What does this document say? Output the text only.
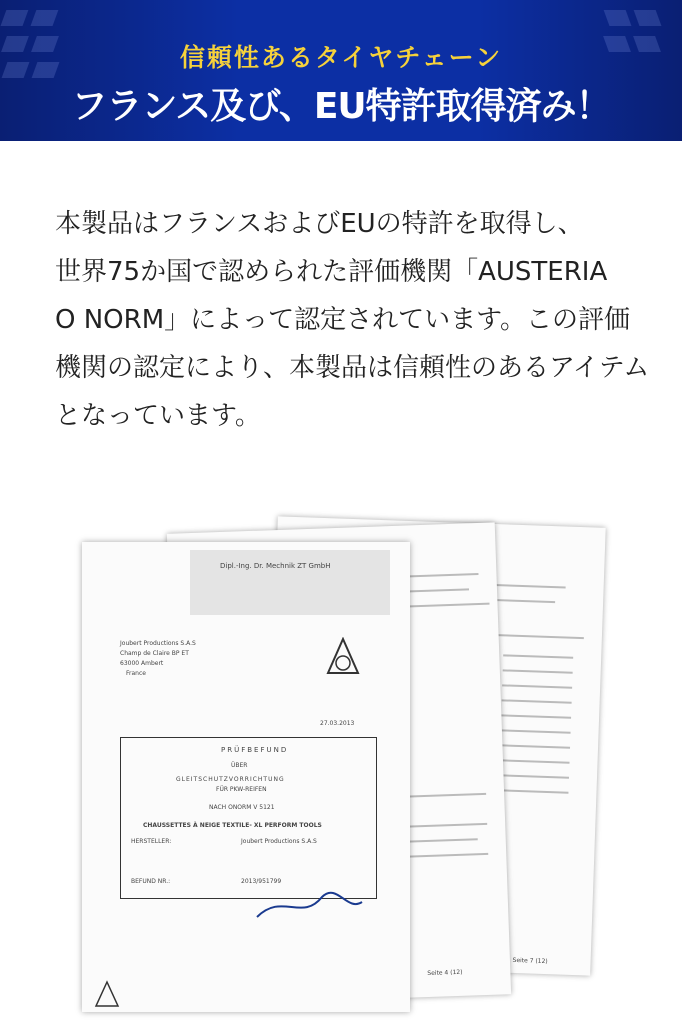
信頼性あるタイヤチェーン
フランス及び、EU特許取得済み！
本製品はフランスおよびEUの特許を取得し、
世界75か国で認められた評価機関「AUSTERIA
O NORM」によって認定されています。この評価
機関の認定により、本製品は信頼性のあるアイテム
となっています。
Seite 7 (12)
Seite 4 (12)
Dipl.-Ing. Dr. Mechnik ZT GmbH
Joubert Productions S.A.S
Champ de Claire BP ET
63000 Ambert
France
27.03.2013
PRÜFBEFUND
ÜBER
GLEITSCHUTZVORRICHTUNG
FÜR PKW-REIFEN
NACH ONORM V 5121
CHAUSSETTES À NEIGE TEXTILE- XL PERFORM TOOLS
HERSTELLER:	Joubert Productions S.A.S
BEFUND NR.:	2013/951799
